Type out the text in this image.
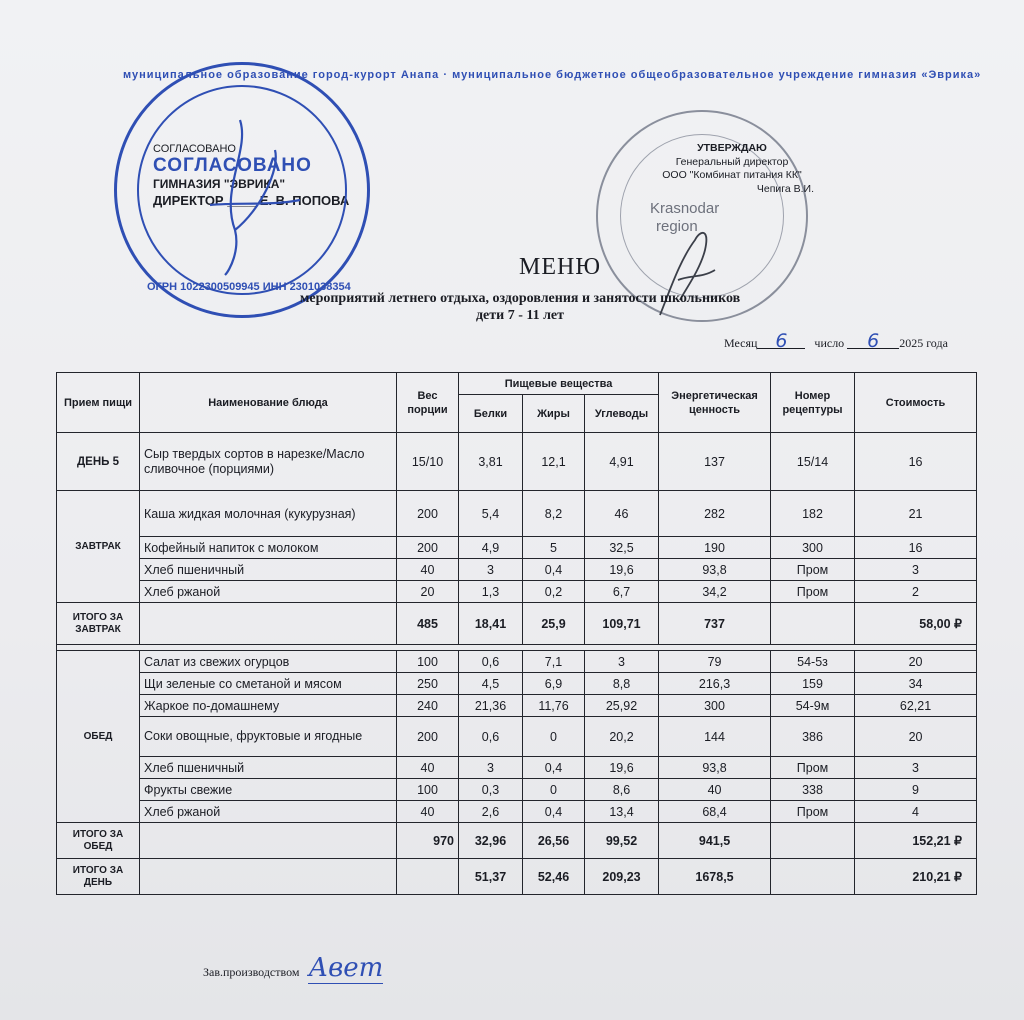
муниципальное образование город-курорт Анапа · муниципальное бюджетное общеобразовательное учреждение гимназия «Эврика»
СОГЛАСОВАНО
СОГЛАСОВАНО
ГИМНАЗИЯ "ЭВРИКА"
ДИРЕКТОР ____ Е. В. ПОПОВА
ОГРН 1022300509945 ИНН 2301038354
Krasnodar
region
УТВЕРЖДАЮ
Генеральный директор
ООО "Комбинат питания КК"
Чепига В.И.
МЕНЮ
мероприятий летнего отдыха, оздоровления и занятости школьников
дети 7 - 11 лет
Месяц 6 число 6 2025 года
Прием пищи	Наименование блюда	Вес порции	Пищевые вещества			Энергетическая ценность	Номер рецептуры	Стоимость
			Белки	Жиры	Углеводы			
ДЕНЬ 5	Сыр твердых сортов в нарезке/Масло сливочное (порциями)	15/10	3,81	12,1	4,91	137	15/14	16
ЗАВТРАК	Каша жидкая молочная (кукурузная)	200	5,4	8,2	46	282	182	21
	Кофейный напиток с молоком	200	4,9	5	32,5	190	300	16
	Хлеб пшеничный	40	3	0,4	19,6	93,8	Пром	3
	Хлеб ржаной	20	1,3	0,2	6,7	34,2	Пром	2
ИТОГО ЗА ЗАВТРАК		485	18,41	25,9	109,71	737		58,00 ₽

ОБЕД	Салат из свежих огурцов	100	0,6	7,1	3	79	54-5з	20
	Щи зеленые со сметаной и мясом	250	4,5	6,9	8,8	216,3	159	34
	Жаркое по-домашнему	240	21,36	11,76	25,92	300	54-9м	62,21
	Соки овощные, фруктовые и ягодные	200	0,6	0	20,2	144	386	20
	Хлеб пшеничный	40	3	0,4	19,6	93,8	Пром	3
	Фрукты свежие	100	0,3	0	8,6	40	338	9
	Хлеб ржаной	40	2,6	0,4	13,4	68,4	Пром	4
ИТОГО ЗА ОБЕД		970	32,96	26,56	99,52	941,5		152,21 ₽
ИТОГО ЗА ДЕНЬ			51,37	52,46	209,23	1678,5		210,21 ₽
Зав.производством Авет
